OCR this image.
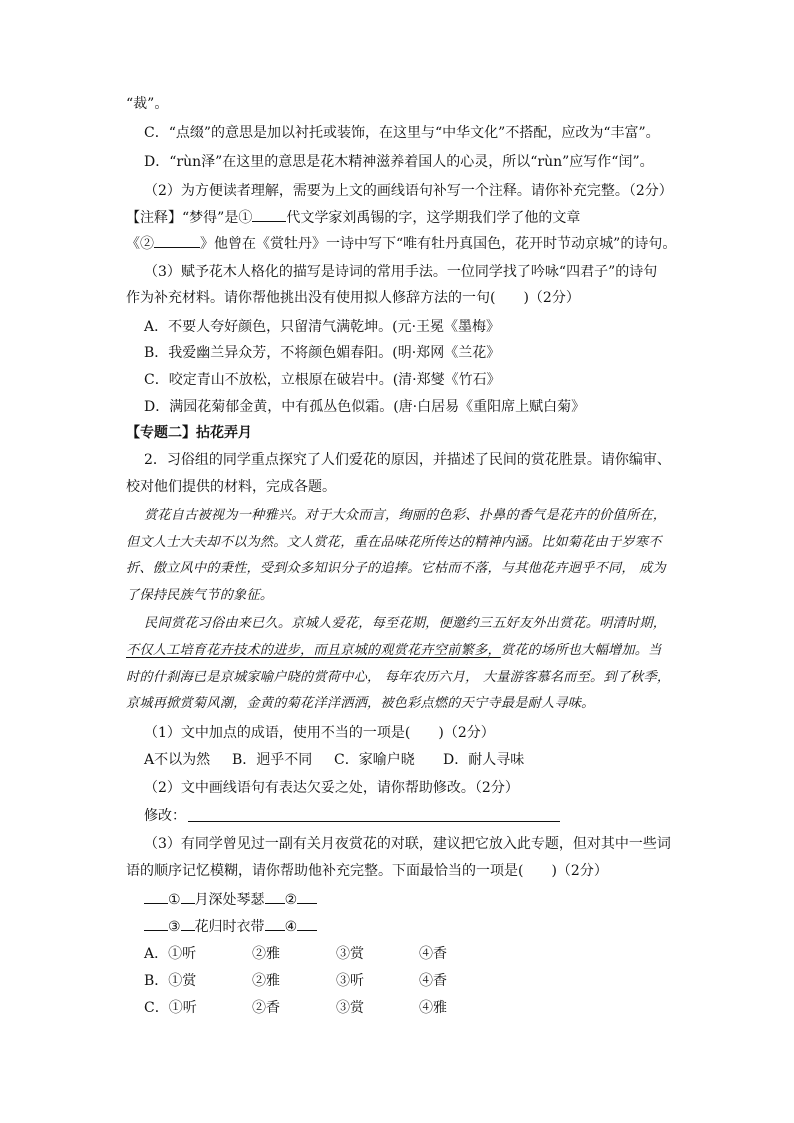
“裁”。
C．“点缀”的意思是加以衬托或装饰，在这里与“中华文化”不搭配，应改为“丰富”。
D．“rùn泽”在这里的意思是花木精神滋养着国人的心灵，所以“rùn”应写作“闰”。
（2）为方便读者理解，需要为上文的画线语句补写一个注释。请你补充完整。（2分）
【注释】“梦得”是① 代文学家刘禹锡的字，这学期我们学了他的文章
《②	》他曾在《赏牡丹》一诗中写下“唯有牡丹真国色，花开时节动京城”的诗句。
（3）赋予花木人格化的描写是诗词的常用手法。一位同学找了吟咏“四君子”的诗句
作为补充材料。请你帮他挑出没有使用拟人修辞方法的一句(　　)（2分）
A．不要人夸好颜色，只留清气满乾坤。(元·王冕《墨梅》
B．我爱幽兰异众芳，不将颜色媚春阳。(明·郑网《兰花》
C．咬定青山不放松，立根原在破岩中。(清·郑燮《竹石》
D．满园花菊郁金黄，中有孤丛色似霜。(唐·白居易《重阳席上赋白菊》
【专题二】拈花弄月
2．习俗组的同学重点探究了人们爱花的原因，并描述了民间的赏花胜景。请你编审、
校对他们提供的材料，完成各题。
赏花自古被视为一种雅兴。对于大众而言，绚丽的色彩、扑鼻的香气是花卉的价值所在，
但文人士大夫却不以为然。文人赏花，重在品味花所传达的精神内涵。比如菊花由于岁寒不
折、傲立风中的秉性，受到众多知识分子的追捧。它枯而不落，与其他花卉迥乎不同， 成为
了保持民族气节的象征。
民间赏花习俗由来已久。京城人爱花，每至花期，便邀约三五好友外出赏花。明清时期，
不仅人工培育花卉技术的进步，而且京城的观赏花卉空前繁多，赏花的场所也大幅增加。当
时的什刹海已是京城家喻户晓的赏荷中心， 每年农历六月， 大量游客慕名而至。到了秋季，
京城再掀赏菊风潮，金黄的菊花洋洋洒洒，被色彩点燃的天宁寺最是耐人寻味。
（1）文中加点的成语，使用不当的一项是(　　)（2分）
A不以为然 B．迥乎不同 C．家喻户晓 D．耐人寻味
（2）文中画线语句有表达欠妥之处，请你帮助修改。（2分）
修改：
（3）有同学曾见过一副有关月夜赏花的对联，建议把它放入此专题，但对其中一些词
语的顺序记忆模糊，请你帮助他补充完整。下面最恰当的一项是(　　)（2分）
① 月深处琴瑟 ②
③ 花归时衣带 ④
A．①听	②雅	③赏	④香
B．①赏	②雅	③听	④香
C．①听	②香	③赏	④雅
